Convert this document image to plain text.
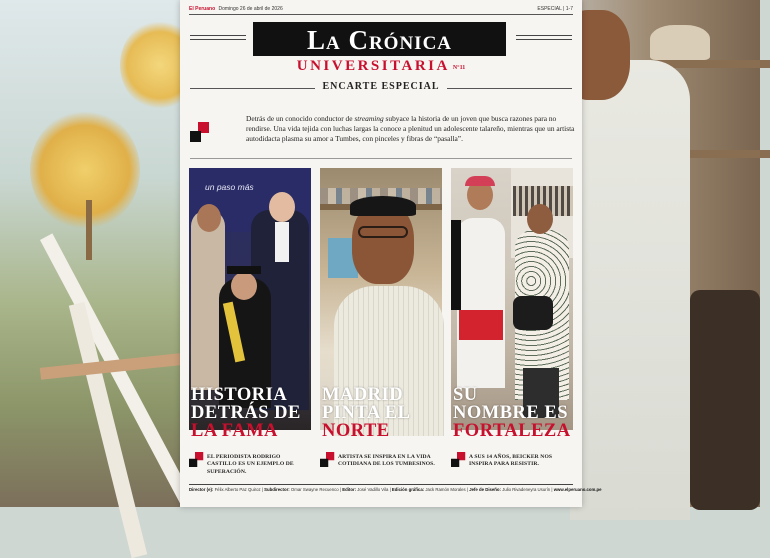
El Peruano Domingo 26 de abril de 2026	ESPECIAL | 1-7
La Crónica
UNIVERSITARIA N°11
ENCARTE ESPECIAL

Detrás de un conocido conductor de streaming subyace la historia de un joven que busca razones para no rendirse. Una vida tejida con luchas largas la conoce a plenitud un adolescente talareño, mientras que un artista autodidacta plasma su amor a Tumbes, con pinceles y fibras de “pasalla”.

un paso más
HISTORIA
DETRÁS DE
LA FAMA

EL PERIODISTA RODRIGO CASTILLO ES UN EJEMPLO DE SUPERACIÓN.

MADRID
PINTA EL
NORTE

ARTISTA SE INSPIRA EN LA VIDA COTIDIANA DE LOS TUMBESINOS.

SU
NOMBRE ES
FORTALEZA

A SUS 14 AÑOS, BEICKER NOS INSPIRA PARA RESISTIR.

Director (e): Félix Alberto Paz Quiroz | Subdirector: Omar Swayne Recuenco | Editor: José Vadillo Vila | Edición gráfica: Jack Ramón Morales | Jefe de Diseño: Julio Rivadeneyra Usurín | www.elperuano.com.pe
